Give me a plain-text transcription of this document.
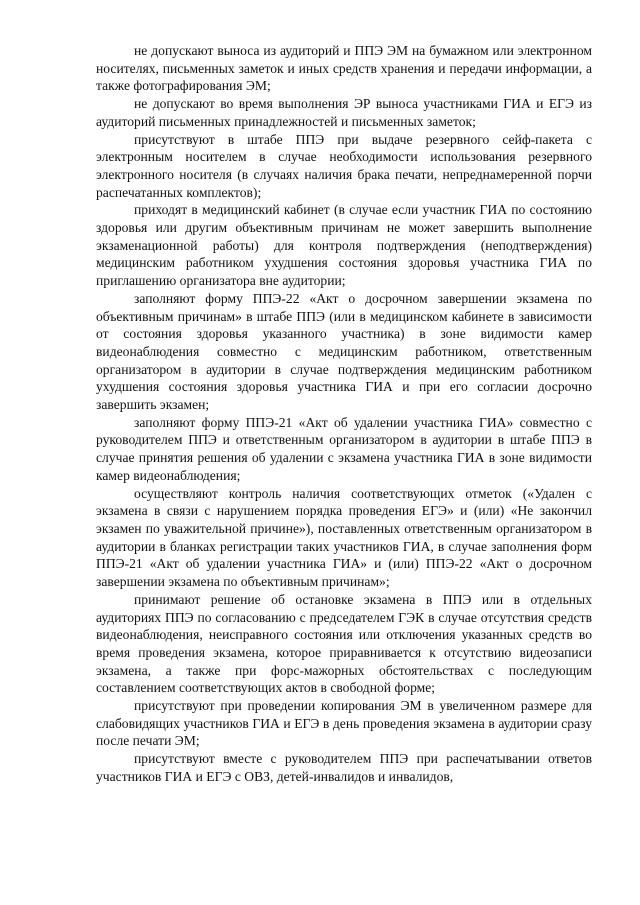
не допускают выноса из аудиторий и ППЭ ЭМ на бумажном или электронном носителях, письменных заметок и иных средств хранения и передачи информации, а также фотографирования ЭМ;

не допускают во время выполнения ЭР выноса участниками ГИА и ЕГЭ из аудиторий письменных принадлежностей и письменных заметок;

присутствуют в штабе ППЭ при выдаче резервного сейф-пакета с электронным носителем в случае необходимости использования резервного электронного носителя (в случаях наличия брака печати, непреднамеренной порчи распечатанных комплектов);

приходят в медицинский кабинет (в случае если участник ГИА по состоянию здоровья или другим объективным причинам не может завершить выполнение экзаменационной работы) для контроля подтверждения (неподтверждения) медицинским работником ухудшения состояния здоровья участника ГИА по приглашению организатора вне аудитории;

заполняют форму ППЭ-22 «Акт о досрочном завершении экзамена по объективным причинам» в штабе ППЭ (или в медицинском кабинете в зависимости от состояния здоровья указанного участника) в зоне видимости камер видеонаблюдения совместно с медицинским работником, ответственным организатором в аудитории в случае подтверждения медицинским работником ухудшения состояния здоровья участника ГИА и при его согласии досрочно завершить экзамен;

заполняют форму ППЭ-21 «Акт об удалении участника ГИА» совместно с руководителем ППЭ и ответственным организатором в аудитории в штабе ППЭ в случае принятия решения об удалении с экзамена участника ГИА в зоне видимости камер видеонаблюдения;

осуществляют контроль наличия соответствующих отметок («Удален с экзамена в связи с нарушением порядка проведения ЕГЭ» и (или) «Не закончил экзамен по уважительной причине»), поставленных ответственным организатором в аудитории в бланках регистрации таких участников ГИА, в случае заполнения форм ППЭ-21 «Акт об удалении участника ГИА» и (или) ППЭ-22 «Акт о досрочном завершении экзамена по объективным причинам»;

принимают решение об остановке экзамена в ППЭ или в отдельных аудиториях ППЭ по согласованию с председателем ГЭК в случае отсутствия средств видеонаблюдения, неисправного состояния или отключения указанных средств во время проведения экзамена, которое приравнивается к отсутствию видеозаписи экзамена, а также при форс-мажорных обстоятельствах с последующим составлением соответствующих актов в свободной форме;

присутствуют при проведении копирования ЭМ в увеличенном размере для слабовидящих участников ГИА и ЕГЭ в день проведения экзамена в аудитории сразу после печати ЭМ;

присутствуют вместе с руководителем ППЭ при распечатывании ответов участников ГИА и ЕГЭ с ОВЗ, детей-инвалидов и инвалидов,
